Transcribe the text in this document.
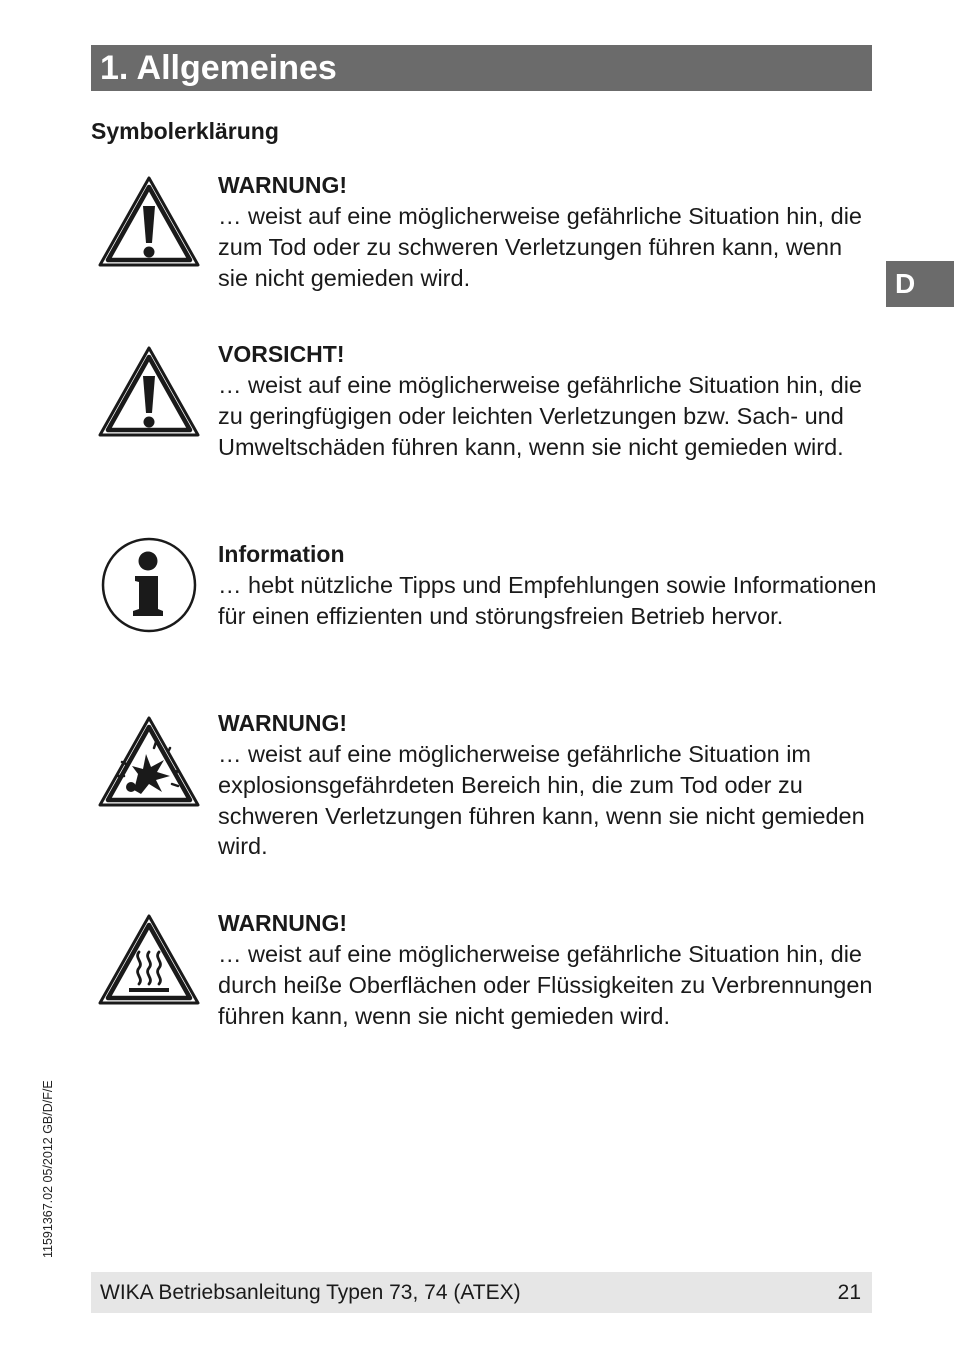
1. Allgemeines
D
Symbolerklärung
WARNUNG!
… weist auf eine möglicherweise gefährliche Situation hin, die zum Tod oder zu schweren Verletzungen führen kann, wenn sie nicht gemieden wird.
VORSICHT!
… weist auf eine möglicherweise gefährliche Situation hin, die zu geringfügigen oder leichten Verletzungen bzw. Sach- und Umweltschäden führen kann, wenn sie nicht gemieden wird.
Information
… hebt nützliche Tipps und Empfehlungen sowie Informationen für einen effizienten und störungsfreien Betrieb hervor.
WARNUNG!
… weist auf eine möglicherweise gefährliche Situation im explosionsgefährdeten Bereich hin, die zum Tod oder zu schweren Verletzungen führen kann, wenn sie nicht gemieden wird.
WARNUNG!
… weist auf eine möglicherweise gefährliche Situation hin, die durch heiße Oberflächen oder Flüssigkeiten zu Verbrennungen führen kann, wenn sie nicht gemieden wird.
11591367.02 05/2012 GB/D/F/E
WIKA Betriebsanleitung Typen 73, 74 (ATEX)	21
